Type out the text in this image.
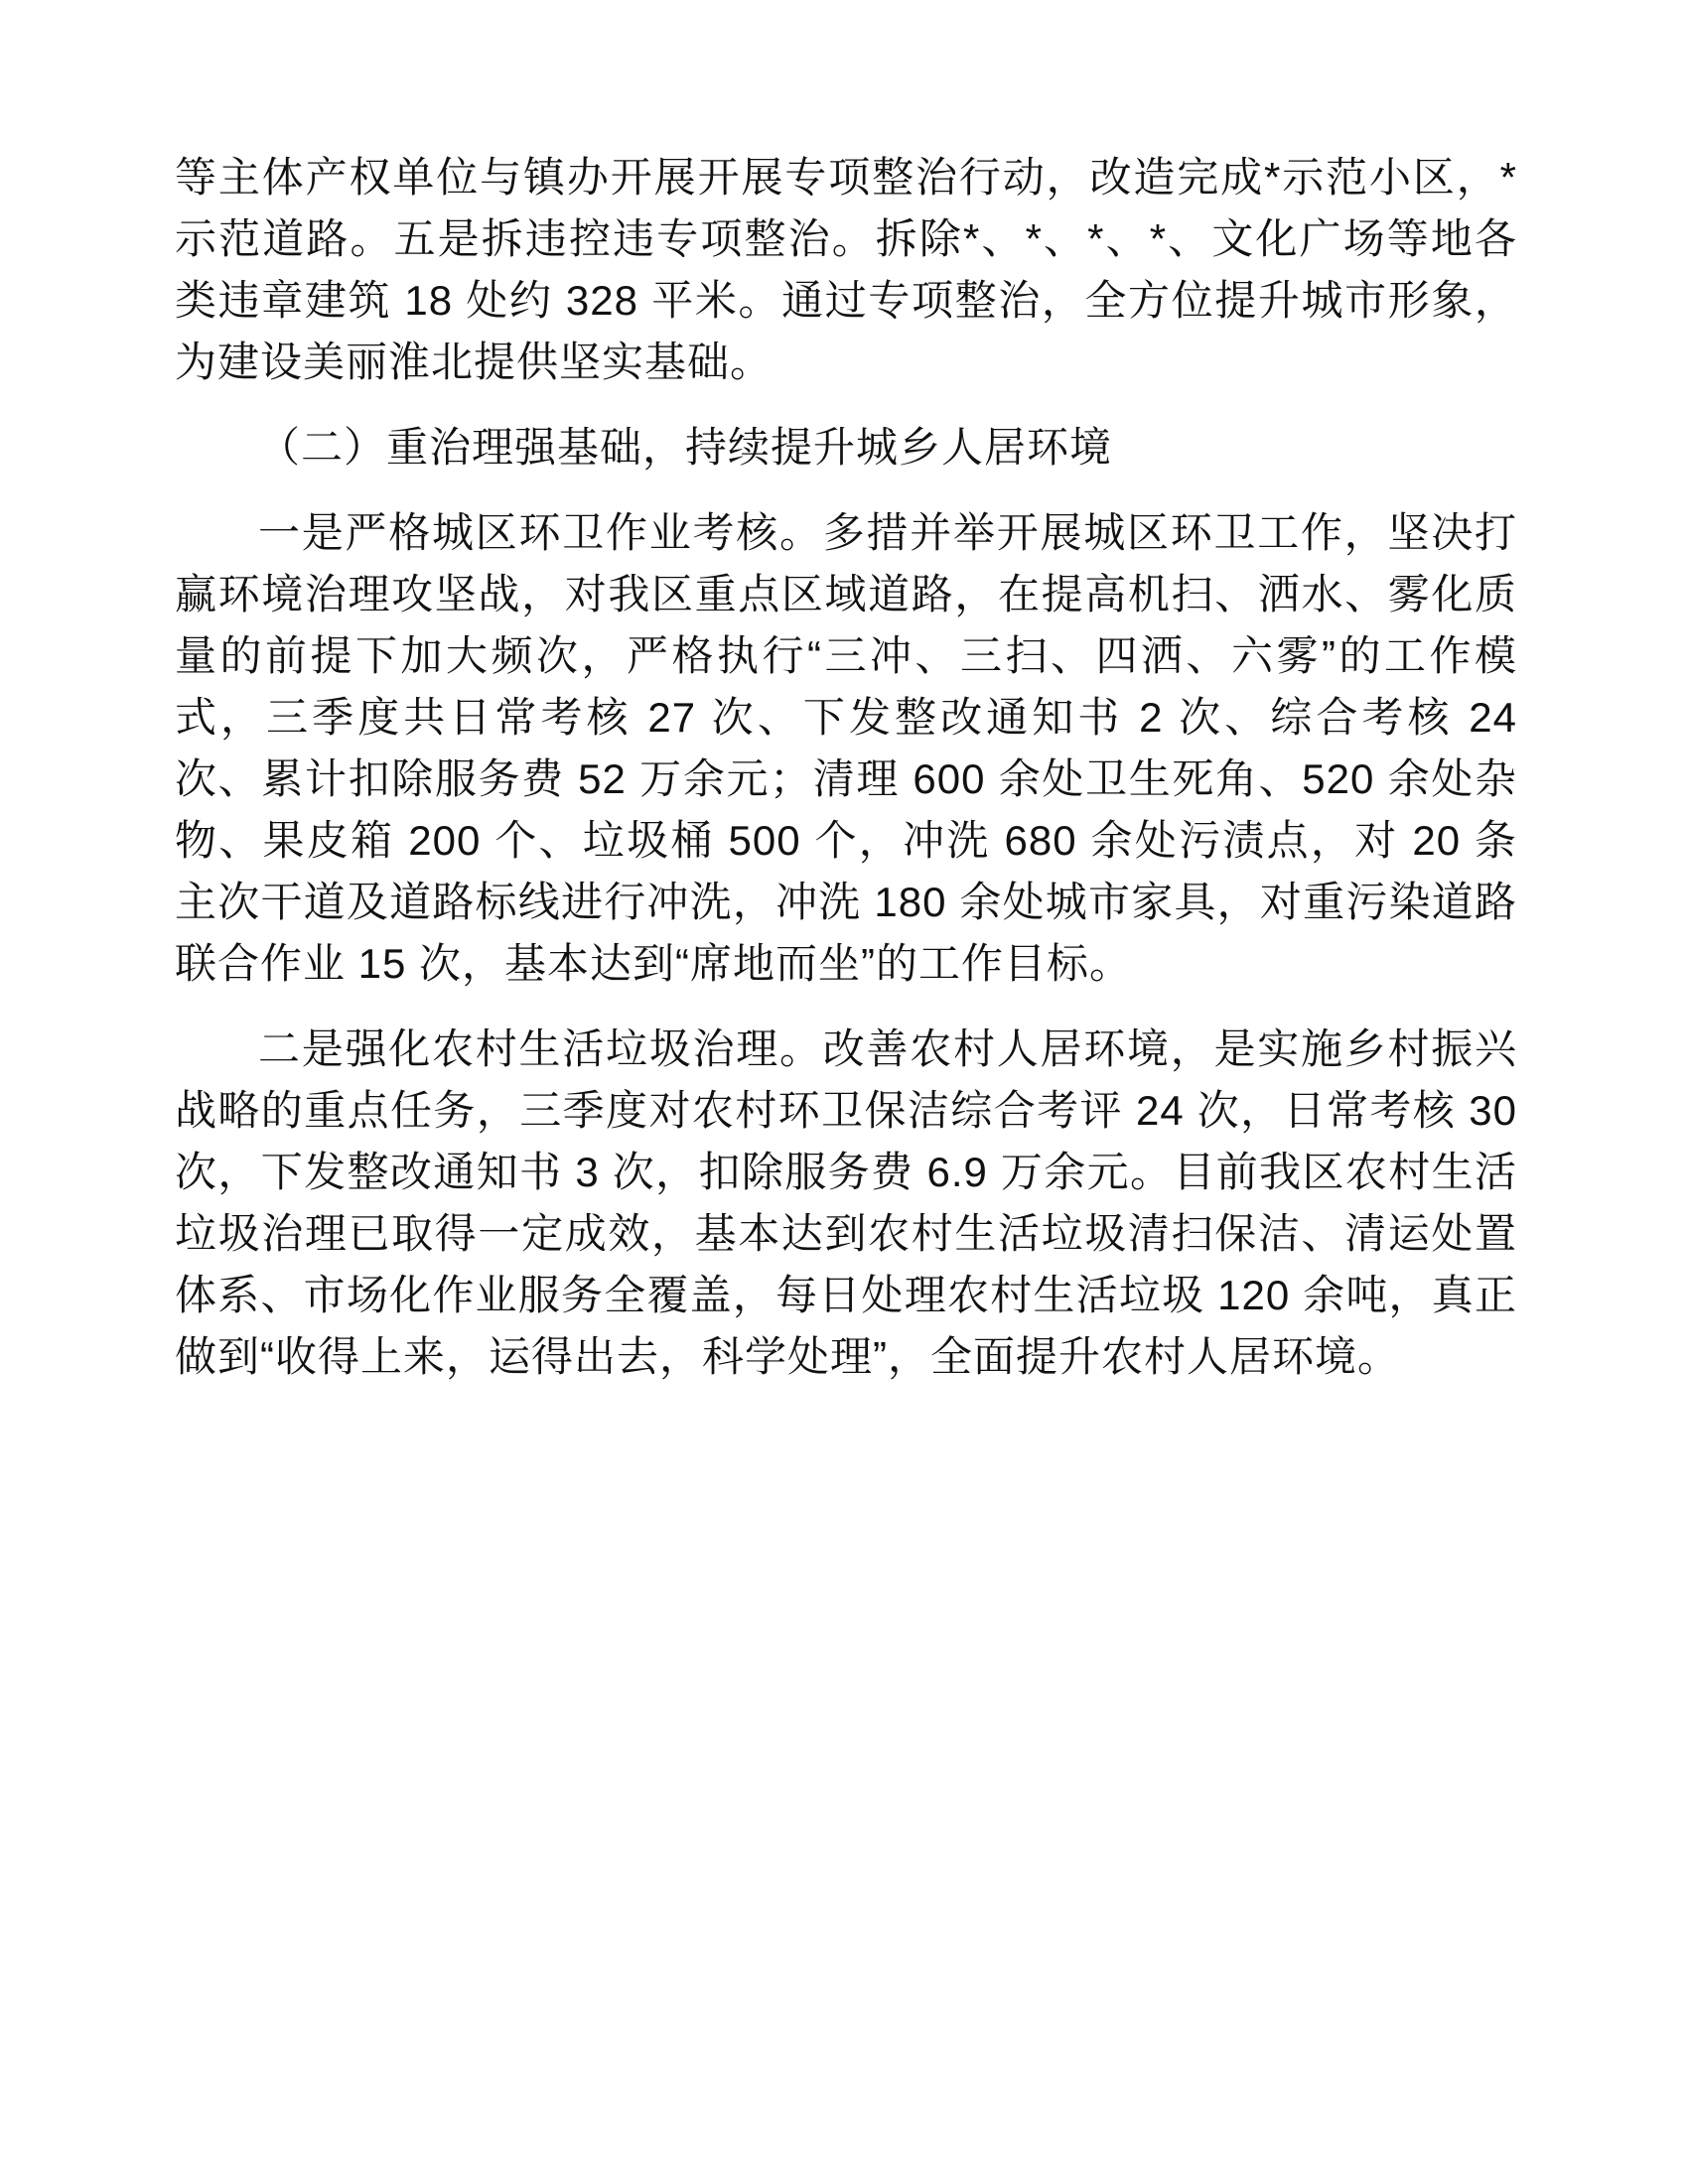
等主体产权单位与镇办开展开展专项整治行动，改造完成*示范小区，*示范道路。五是拆违控违专项整治。拆除*、*、*、*、文化广场等地各类违章建筑 18 处约 328 平米。通过专项整治，全方位提升城市形象，为建设美丽淮北提供坚实基础。

（二）重治理强基础，持续提升城乡人居环境

一是严格城区环卫作业考核。多措并举开展城区环卫工作，坚决打赢环境治理攻坚战，对我区重点区域道路，在提高机扫、洒水、雾化质量的前提下加大频次，严格执行“三冲、三扫、四洒、六雾”的工作模式，三季度共日常考核 27 次、下发整改通知书 2 次、综合考核 24 次、累计扣除服务费 52 万余元；清理 600 余处卫生死角、520 余处杂物、果皮箱 200 个、垃圾桶 500 个，冲洗 680 余处污渍点，对 20 条主次干道及道路标线进行冲洗，冲洗 180 余处城市家具，对重污染道路联合作业 15 次，基本达到“席地而坐”的工作目标。

二是强化农村生活垃圾治理。改善农村人居环境，是实施乡村振兴战略的重点任务，三季度对农村环卫保洁综合考评 24 次，日常考核 30 次，下发整改通知书 3 次，扣除服务费 6.9 万余元。目前我区农村生活垃圾治理已取得一定成效，基本达到农村生活垃圾清扫保洁、清运处置体系、市场化作业服务全覆盖，每日处理农村生活垃圾 120 余吨，真正做到“收得上来，运得出去，科学处理”，全面提升农村人居环境。
